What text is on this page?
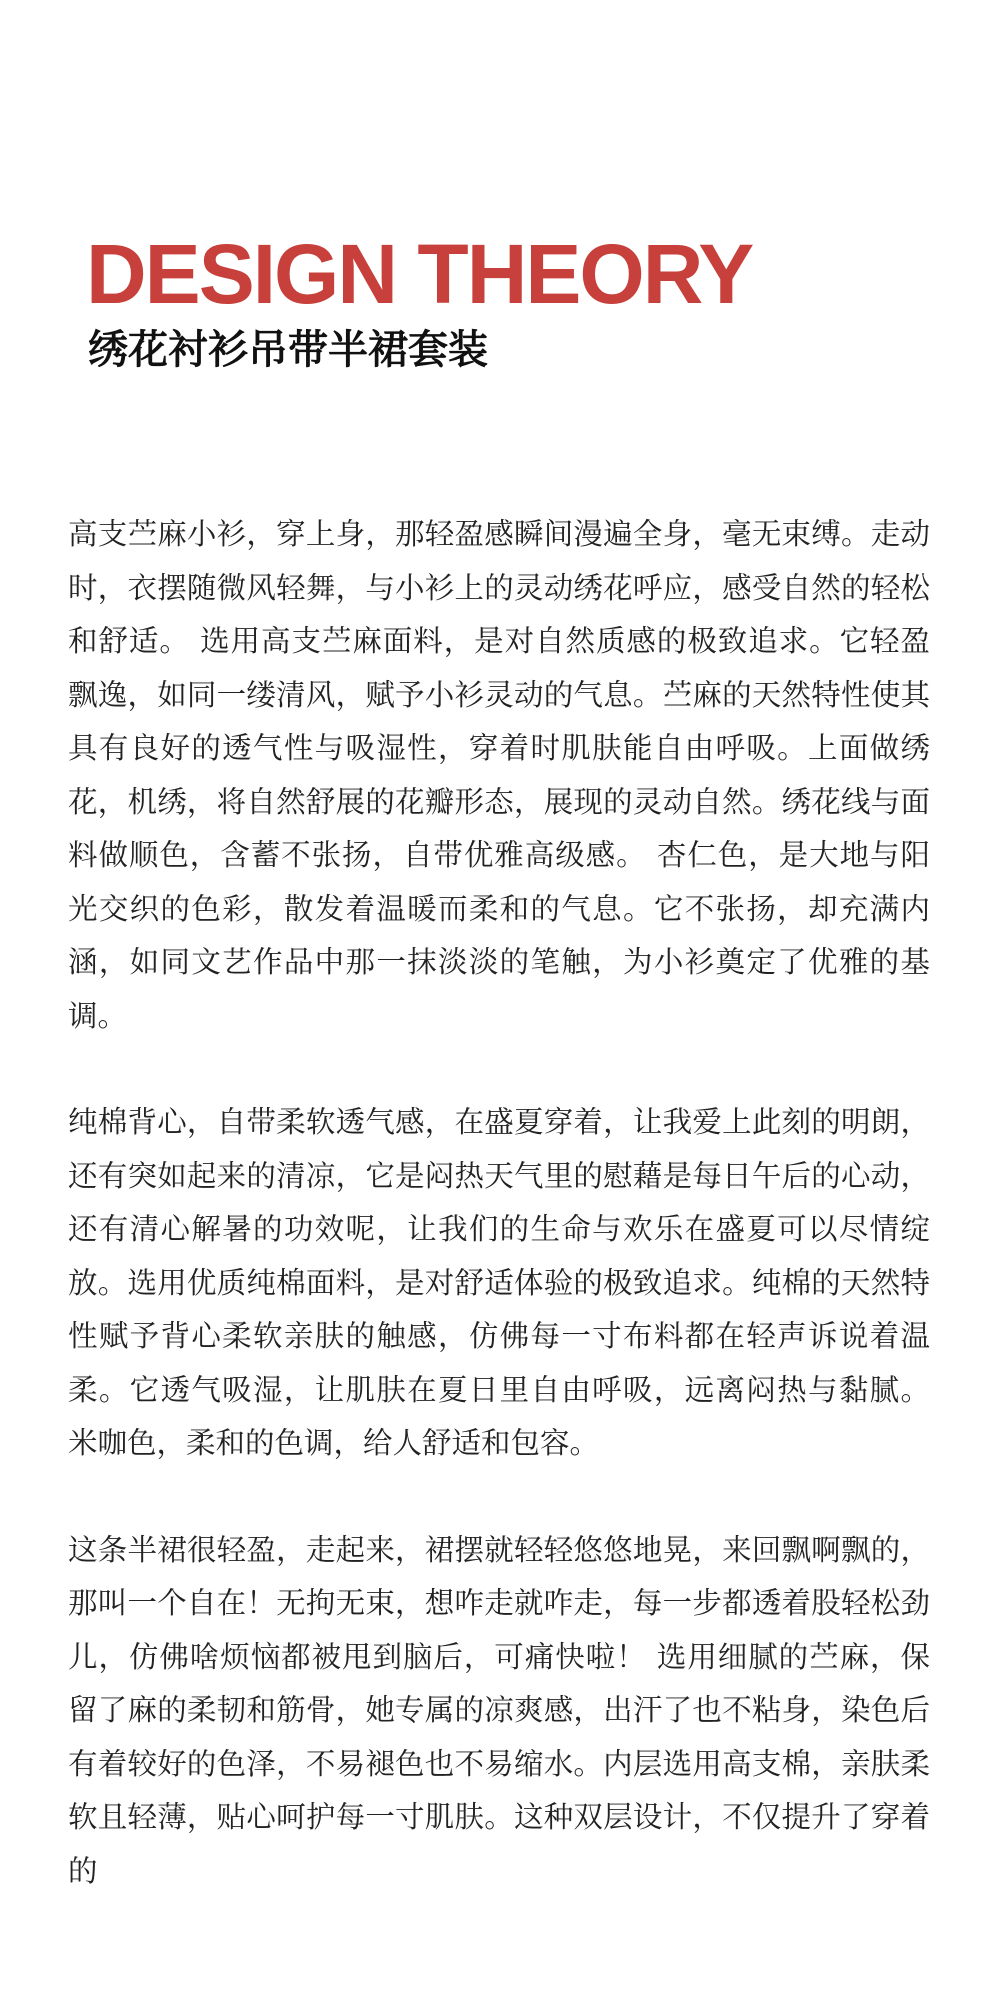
DESIGN THEORY
绣花衬衫吊带半裙套装

高支苎麻小衫，穿上身，那轻盈感瞬间漫遍全身，毫无束缚。走动时，衣摆随微风轻舞，与小衫上的灵动绣花呼应，感受自然的轻松和舒适。 选用高支苎麻面料，是对自然质感的极致追求。它轻盈飘逸，如同一缕清风，赋予小衫灵动的气息。苎麻的天然特性使其具有良好的透气性与吸湿性，穿着时肌肤能自由呼吸。上面做绣花，机绣，将自然舒展的花瓣形态，展现的灵动自然。绣花线与面料做顺色，含蓄不张扬，自带优雅高级感。 杏仁色，是大地与阳光交织的色彩，散发着温暖而柔和的气息。它不张扬，却充满内涵，如同文艺作品中那一抹淡淡的笔触，为小衫奠定了优雅的基调。

纯棉背心，自带柔软透气感，在盛夏穿着，让我爱上此刻的明朗，还有突如起来的清凉，它是闷热天气里的慰藉是每日午后的心动，还有清心解暑的功效呢，让我们的生命与欢乐在盛夏可以尽情绽放。选用优质纯棉面料，是对舒适体验的极致追求。纯棉的天然特性赋予背心柔软亲肤的触感，仿佛每一寸布料都在轻声诉说着温柔。它透气吸湿，让肌肤在夏日里自由呼吸，远离闷热与黏腻。 米咖色，柔和的色调，给人舒适和包容。

这条半裙很轻盈，走起来，裙摆就轻轻悠悠地晃，来回飘啊飘的，那叫一个自在！无拘无束，想咋走就咋走，每一步都透着股轻松劲儿，仿佛啥烦恼都被甩到脑后，可痛快啦！ 选用细腻的苎麻，保留了麻的柔韧和筋骨，她专属的凉爽感，出汗了也不粘身，染色后有着较好的色泽，不易褪色也不易缩水。内层选用高支棉，亲肤柔软且轻薄，贴心呵护每一寸肌肤。这种双层设计，不仅提升了穿着的
